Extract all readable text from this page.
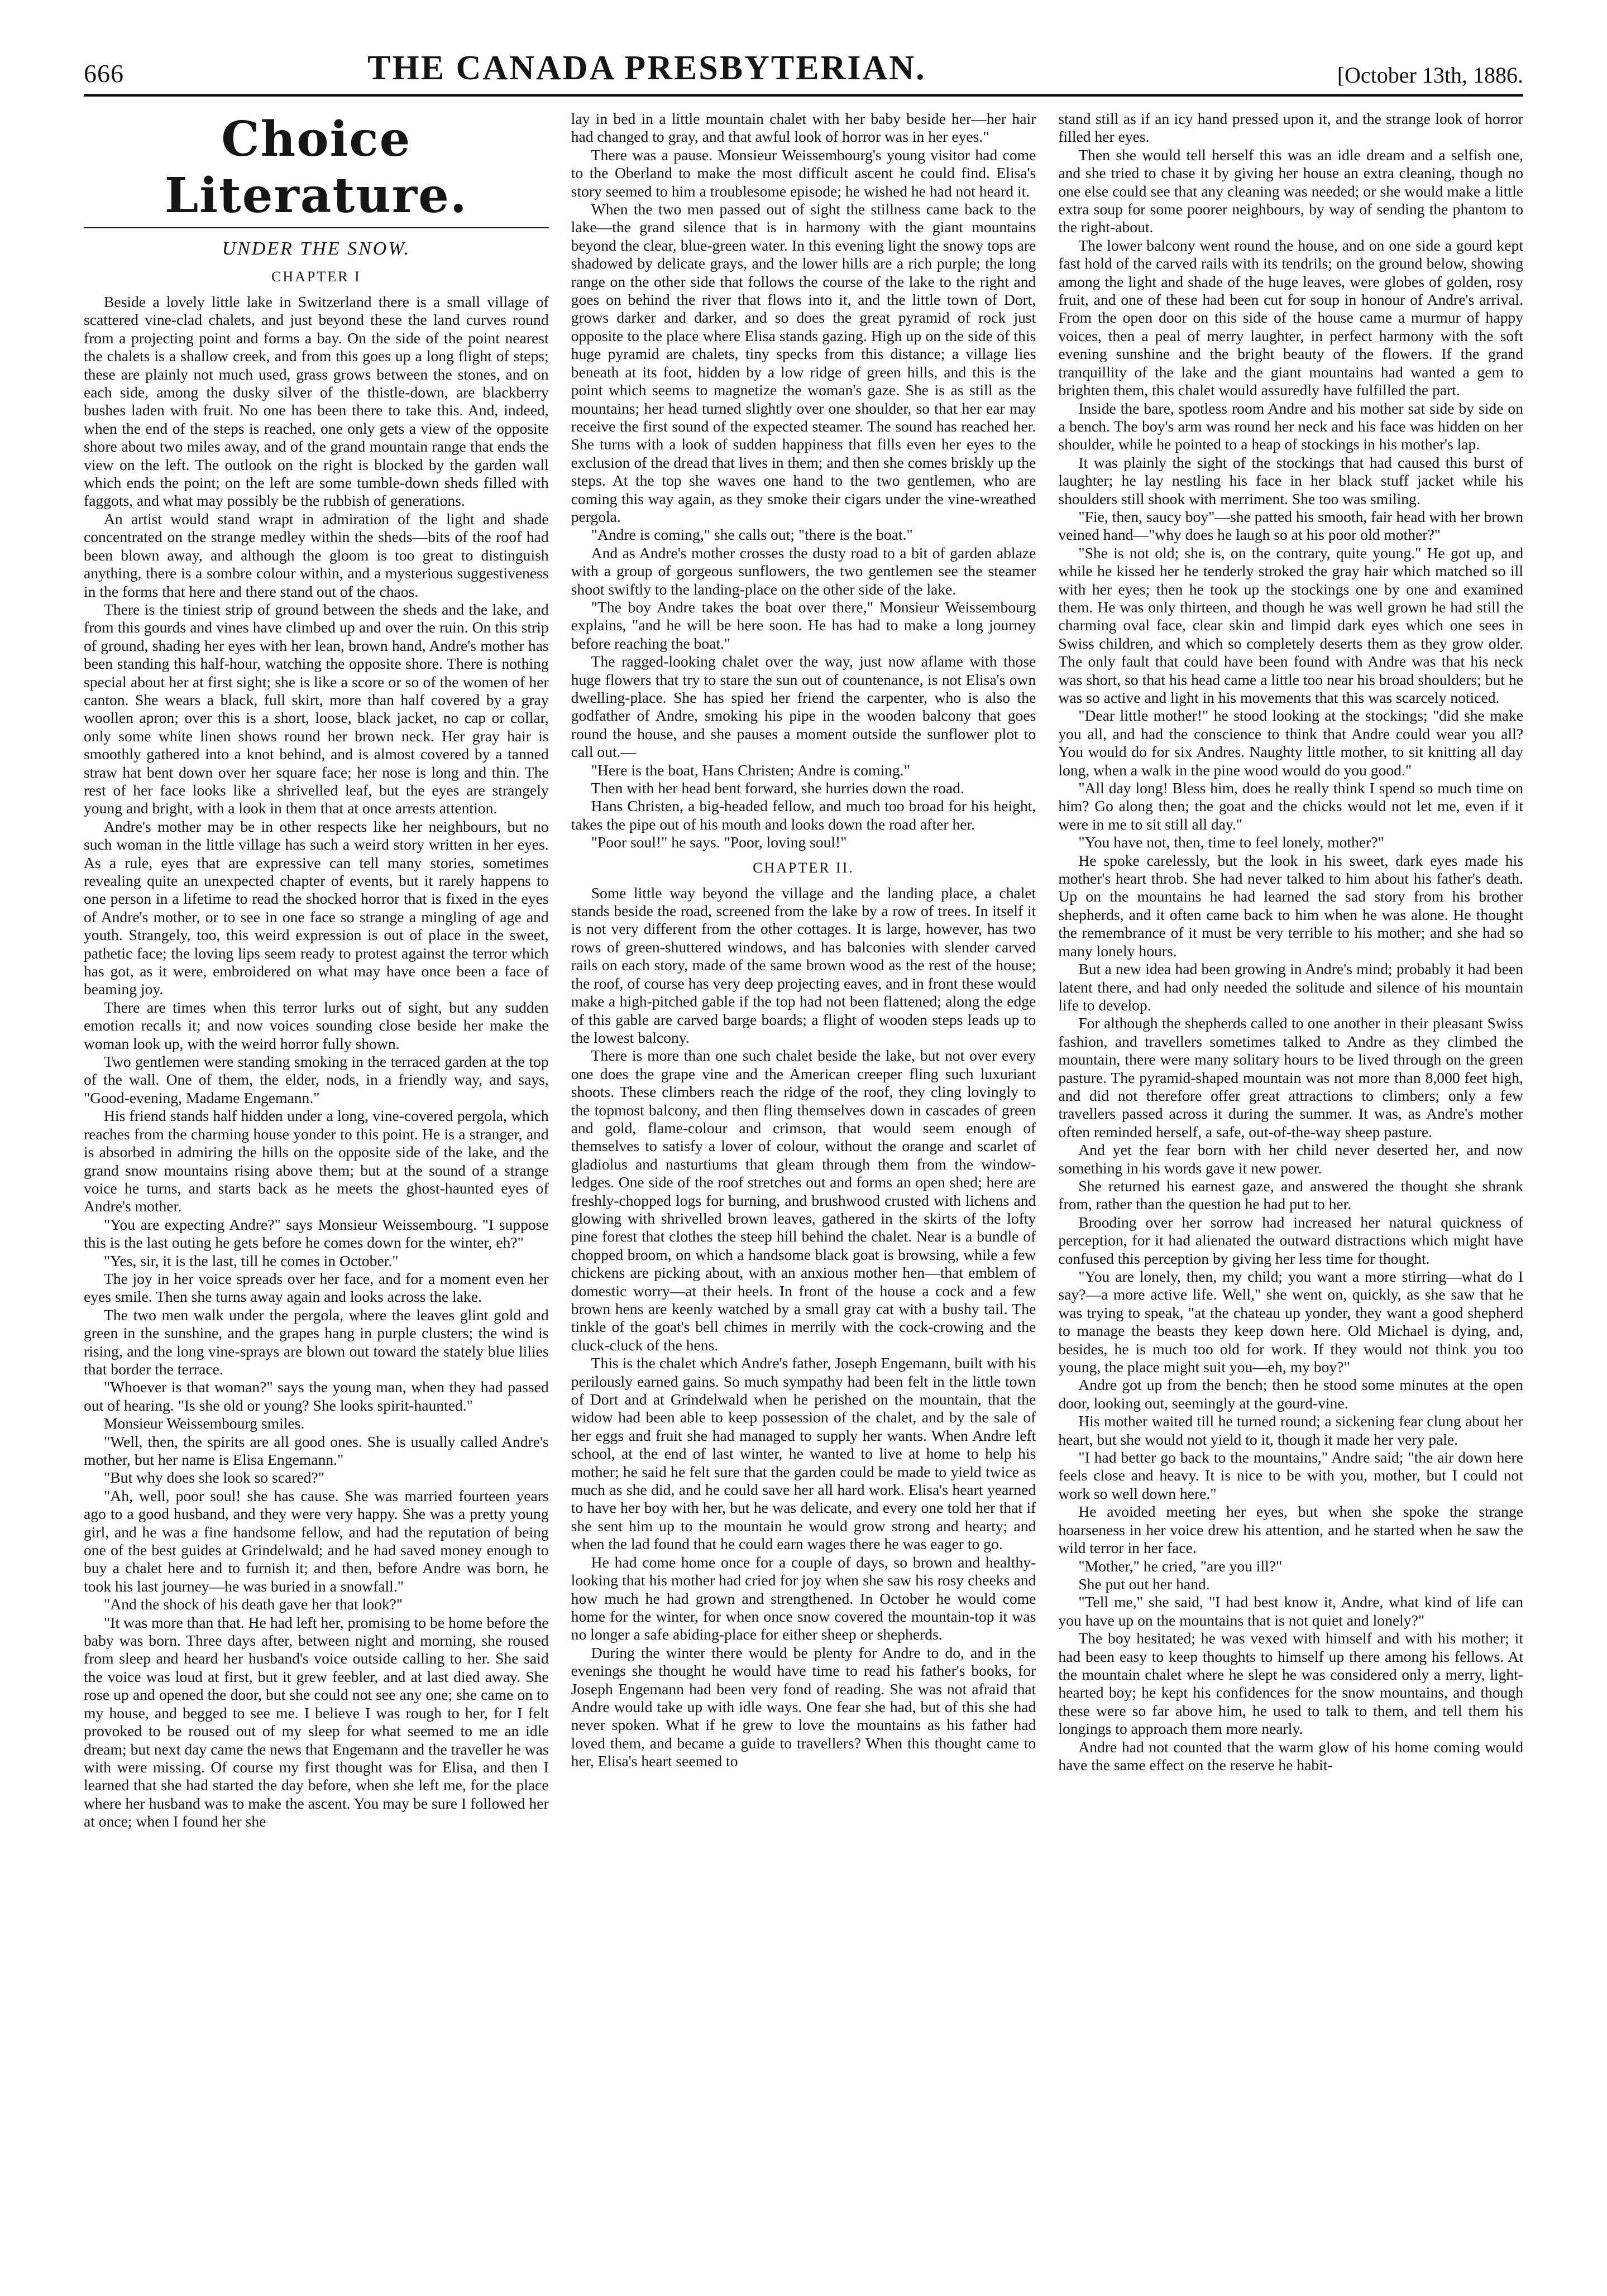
666	THE CANADA PRESBYTERIAN.	[October 13th, 1886.
Choice Literature.
UNDER THE SNOW.
CHAPTER I

Beside a lovely little lake in Switzerland there is a small village of scattered vine-clad chalets, and just beyond these the land curves round from a projecting point and forms a bay. On the side of the point nearest the chalets is a shallow creek, and from this goes up a long flight of steps; these are plainly not much used, grass grows between the stones, and on each side, among the dusky silver of the thistle-down, are blackberry bushes laden with fruit. No one has been there to take this. And, indeed, when the end of the steps is reached, one only gets a view of the opposite shore about two miles away, and of the grand mountain range that ends the view on the left. The outlook on the right is blocked by the garden wall which ends the point; on the left are some tumble-down sheds filled with faggots, and what may possibly be the rubbish of generations.

An artist would stand wrapt in admiration of the light and shade concentrated on the strange medley within the sheds—bits of the roof had been blown away, and although the gloom is too great to distinguish anything, there is a sombre colour within, and a mysterious suggestiveness in the forms that here and there stand out of the chaos.

There is the tiniest strip of ground between the sheds and the lake, and from this gourds and vines have climbed up and over the ruin. On this strip of ground, shading her eyes with her lean, brown hand, Andre's mother has been standing this half-hour, watching the opposite shore. There is nothing special about her at first sight; she is like a score or so of the women of her canton. She wears a black, full skirt, more than half covered by a gray woollen apron; over this is a short, loose, black jacket, no cap or collar, only some white linen shows round her brown neck. Her gray hair is smoothly gathered into a knot behind, and is almost covered by a tanned straw hat bent down over her square face; her nose is long and thin. The rest of her face looks like a shrivelled leaf, but the eyes are strangely young and bright, with a look in them that at once arrests attention.

Andre's mother may be in other respects like her neighbours, but no such woman in the little village has such a weird story written in her eyes. As a rule, eyes that are expressive can tell many stories, sometimes revealing quite an unexpected chapter of events, but it rarely happens to one person in a lifetime to read the shocked horror that is fixed in the eyes of Andre's mother, or to see in one face so strange a mingling of age and youth. Strangely, too, this weird expression is out of place in the sweet, pathetic face; the loving lips seem ready to protest against the terror which has got, as it were, embroidered on what may have once been a face of beaming joy.

There are times when this terror lurks out of sight, but any sudden emotion recalls it; and now voices sounding close beside her make the woman look up, with the weird horror fully shown.

Two gentlemen were standing smoking in the terraced garden at the top of the wall. One of them, the elder, nods, in a friendly way, and says, "Good-evening, Madame Engemann."

His friend stands half hidden under a long, vine-covered pergola, which reaches from the charming house yonder to this point. He is a stranger, and is absorbed in admiring the hills on the opposite side of the lake, and the grand snow mountains rising above them; but at the sound of a strange voice he turns, and starts back as he meets the ghost-haunted eyes of Andre's mother.

"You are expecting Andre?" says Monsieur Weissembourg. "I suppose this is the last outing he gets before he comes down for the winter, eh?"

"Yes, sir, it is the last, till he comes in October."

The joy in her voice spreads over her face, and for a moment even her eyes smile. Then she turns away again and looks across the lake.

The two men walk under the pergola, where the leaves glint gold and green in the sunshine, and the grapes hang in purple clusters; the wind is rising, and the long vine-sprays are blown out toward the stately blue lilies that border the terrace.

"Whoever is that woman?" says the young man, when they had passed out of hearing. "Is she old or young? She looks spirit-haunted."

Monsieur Weissembourg smiles.

"Well, then, the spirits are all good ones. She is usually called Andre's mother, but her name is Elisa Engemann."

"But why does she look so scared?"

"Ah, well, poor soul! she has cause. She was married fourteen years ago to a good husband, and they were very happy. She was a pretty young girl, and he was a fine handsome fellow, and had the reputation of being one of the best guides at Grindelwald; and he had saved money enough to buy a chalet here and to furnish it; and then, before Andre was born, he took his last journey—he was buried in a snowfall."

"And the shock of his death gave her that look?"

"It was more than that. He had left her, promising to be home before the baby was born. Three days after, between night and morning, she roused from sleep and heard her husband's voice outside calling to her. She said the voice was loud at first, but it grew feebler, and at last died away. She rose up and opened the door, but she could not see any one; she came on to my house, and begged to see me. I believe I was rough to her, for I felt provoked to be roused out of my sleep for what seemed to me an idle dream; but next day came the news that Engemann and the traveller he was with were missing. Of course my first thought was for Elisa, and then I learned that she had started the day before, when she left me, for the place where her husband was to make the ascent. You may be sure I followed her at once; when I found her she

lay in bed in a little mountain chalet with her baby beside her—her hair had changed to gray, and that awful look of horror was in her eyes."

There was a pause. Monsieur Weissembourg's young visitor had come to the Oberland to make the most difficult ascent he could find. Elisa's story seemed to him a troublesome episode; he wished he had not heard it.

When the two men passed out of sight the stillness came back to the lake—the grand silence that is in harmony with the giant mountains beyond the clear, blue-green water. In this evening light the snowy tops are shadowed by delicate grays, and the lower hills are a rich purple; the long range on the other side that follows the course of the lake to the right and goes on behind the river that flows into it, and the little town of Dort, grows darker and darker, and so does the great pyramid of rock just opposite to the place where Elisa stands gazing. High up on the side of this huge pyramid are chalets, tiny specks from this distance; a village lies beneath at its foot, hidden by a low ridge of green hills, and this is the point which seems to magnetize the woman's gaze. She is as still as the mountains; her head turned slightly over one shoulder, so that her ear may receive the first sound of the expected steamer. The sound has reached her. She turns with a look of sudden happiness that fills even her eyes to the exclusion of the dread that lives in them; and then she comes briskly up the steps. At the top she waves one hand to the two gentlemen, who are coming this way again, as they smoke their cigars under the vine-wreathed pergola.

"Andre is coming," she calls out; "there is the boat."

And as Andre's mother crosses the dusty road to a bit of garden ablaze with a group of gorgeous sunflowers, the two gentlemen see the steamer shoot swiftly to the landing-place on the other side of the lake.

"The boy Andre takes the boat over there," Monsieur Weissembourg explains, "and he will be here soon. He has had to make a long journey before reaching the boat."

The ragged-looking chalet over the way, just now aflame with those huge flowers that try to stare the sun out of countenance, is not Elisa's own dwelling-place. She has spied her friend the carpenter, who is also the godfather of Andre, smoking his pipe in the wooden balcony that goes round the house, and she pauses a moment outside the sunflower plot to call out.—

"Here is the boat, Hans Christen; Andre is coming."

Then with her head bent forward, she hurries down the road.

Hans Christen, a big-headed fellow, and much too broad for his height, takes the pipe out of his mouth and looks down the road after her.

"Poor soul!" he says. "Poor, loving soul!"

CHAPTER II.

Some little way beyond the village and the landing place, a chalet stands beside the road, screened from the lake by a row of trees. In itself it is not very different from the other cottages. It is large, however, has two rows of green-shuttered windows, and has balconies with slender carved rails on each story, made of the same brown wood as the rest of the house; the roof, of course has very deep projecting eaves, and in front these would make a high-pitched gable if the top had not been flattened; along the edge of this gable are carved barge boards; a flight of wooden steps leads up to the lowest balcony.

There is more than one such chalet beside the lake, but not over every one does the grape vine and the American creeper fling such luxuriant shoots. These climbers reach the ridge of the roof, they cling lovingly to the topmost balcony, and then fling themselves down in cascades of green and gold, flame-colour and crimson, that would seem enough of themselves to satisfy a lover of colour, without the orange and scarlet of gladiolus and nasturtiums that gleam through them from the window-ledges. One side of the roof stretches out and forms an open shed; here are freshly-chopped logs for burning, and brushwood crusted with lichens and glowing with shrivelled brown leaves, gathered in the skirts of the lofty pine forest that clothes the steep hill behind the chalet. Near is a bundle of chopped broom, on which a handsome black goat is browsing, while a few chickens are picking about, with an anxious mother hen—that emblem of domestic worry—at their heels. In front of the house a cock and a few brown hens are keenly watched by a small gray cat with a bushy tail. The tinkle of the goat's bell chimes in merrily with the cock-crowing and the cluck-cluck of the hens.

This is the chalet which Andre's father, Joseph Engemann, built with his perilously earned gains. So much sympathy had been felt in the little town of Dort and at Grindelwald when he perished on the mountain, that the widow had been able to keep possession of the chalet, and by the sale of her eggs and fruit she had managed to supply her wants. When Andre left school, at the end of last winter, he wanted to live at home to help his mother; he said he felt sure that the garden could be made to yield twice as much as she did, and he could save her all hard work. Elisa's heart yearned to have her boy with her, but he was delicate, and every one told her that if she sent him up to the mountain he would grow strong and hearty; and when the lad found that he could earn wages there he was eager to go.

He had come home once for a couple of days, so brown and healthy-looking that his mother had cried for joy when she saw his rosy cheeks and how much he had grown and strengthened. In October he would come home for the winter, for when once snow covered the mountain-top it was no longer a safe abiding-place for either sheep or shepherds.

During the winter there would be plenty for Andre to do, and in the evenings she thought he would have time to read his father's books, for Joseph Engemann had been very fond of reading. She was not afraid that Andre would take up with idle ways. One fear she had, but of this she had never spoken. What if he grew to love the mountains as his father had loved them, and became a guide to travellers? When this thought came to her, Elisa's heart seemed to

stand still as if an icy hand pressed upon it, and the strange look of horror filled her eyes.

Then she would tell herself this was an idle dream and a selfish one, and she tried to chase it by giving her house an extra cleaning, though no one else could see that any cleaning was needed; or she would make a little extra soup for some poorer neighbours, by way of sending the phantom to the right-about.

The lower balcony went round the house, and on one side a gourd kept fast hold of the carved rails with its tendrils; on the ground below, showing among the light and shade of the huge leaves, were globes of golden, rosy fruit, and one of these had been cut for soup in honour of Andre's arrival. From the open door on this side of the house came a murmur of happy voices, then a peal of merry laughter, in perfect harmony with the soft evening sunshine and the bright beauty of the flowers. If the grand tranquillity of the lake and the giant mountains had wanted a gem to brighten them, this chalet would assuredly have fulfilled the part.

Inside the bare, spotless room Andre and his mother sat side by side on a bench. The boy's arm was round her neck and his face was hidden on her shoulder, while he pointed to a heap of stockings in his mother's lap.

It was plainly the sight of the stockings that had caused this burst of laughter; he lay nestling his face in her black stuff jacket while his shoulders still shook with merriment. She too was smiling.

"Fie, then, saucy boy"—she patted his smooth, fair head with her brown veined hand—"why does he laugh so at his poor old mother?"

"She is not old; she is, on the contrary, quite young." He got up, and while he kissed her he tenderly stroked the gray hair which matched so ill with her eyes; then he took up the stockings one by one and examined them. He was only thirteen, and though he was well grown he had still the charming oval face, clear skin and limpid dark eyes which one sees in Swiss children, and which so completely deserts them as they grow older. The only fault that could have been found with Andre was that his neck was short, so that his head came a little too near his broad shoulders; but he was so active and light in his movements that this was scarcely noticed.

"Dear little mother!" he stood looking at the stockings; "did she make you all, and had the conscience to think that Andre could wear you all? You would do for six Andres. Naughty little mother, to sit knitting all day long, when a walk in the pine wood would do you good."

"All day long! Bless him, does he really think I spend so much time on him? Go along then; the goat and the chicks would not let me, even if it were in me to sit still all day."

"You have not, then, time to feel lonely, mother?"

He spoke carelessly, but the look in his sweet, dark eyes made his mother's heart throb. She had never talked to him about his father's death. Up on the mountains he had learned the sad story from his brother shepherds, and it often came back to him when he was alone. He thought the remembrance of it must be very terrible to his mother; and she had so many lonely hours.

But a new idea had been growing in Andre's mind; probably it had been latent there, and had only needed the solitude and silence of his mountain life to develop.

For although the shepherds called to one another in their pleasant Swiss fashion, and travellers sometimes talked to Andre as they climbed the mountain, there were many solitary hours to be lived through on the green pasture. The pyramid-shaped mountain was not more than 8,000 feet high, and did not therefore offer great attractions to climbers; only a few travellers passed across it during the summer. It was, as Andre's mother often reminded herself, a safe, out-of-the-way sheep pasture.

And yet the fear born with her child never deserted her, and now something in his words gave it new power.

She returned his earnest gaze, and answered the thought she shrank from, rather than the question he had put to her.

Brooding over her sorrow had increased her natural quickness of perception, for it had alienated the outward distractions which might have confused this perception by giving her less time for thought.

"You are lonely, then, my child; you want a more stirring—what do I say?—a more active life. Well," she went on, quickly, as she saw that he was trying to speak, "at the chateau up yonder, they want a good shepherd to manage the beasts they keep down here. Old Michael is dying, and, besides, he is much too old for work. If they would not think you too young, the place might suit you—eh, my boy?"

Andre got up from the bench; then he stood some minutes at the open door, looking out, seemingly at the gourd-vine.

His mother waited till he turned round; a sickening fear clung about her heart, but she would not yield to it, though it made her very pale.

"I had better go back to the mountains," Andre said; "the air down here feels close and heavy. It is nice to be with you, mother, but I could not work so well down here."

He avoided meeting her eyes, but when she spoke the strange hoarseness in her voice drew his attention, and he started when he saw the wild terror in her face.

"Mother," he cried, "are you ill?"

She put out her hand.

"Tell me," she said, "I had best know it, Andre, what kind of life can you have up on the mountains that is not quiet and lonely?"

The boy hesitated; he was vexed with himself and with his mother; it had been easy to keep thoughts to himself up there among his fellows. At the mountain chalet where he slept he was considered only a merry, light-hearted boy; he kept his confidences for the snow mountains, and though these were so far above him, he used to talk to them, and tell them his longings to approach them more nearly.

Andre had not counted that the warm glow of his home coming would have the same effect on the reserve he habit-
